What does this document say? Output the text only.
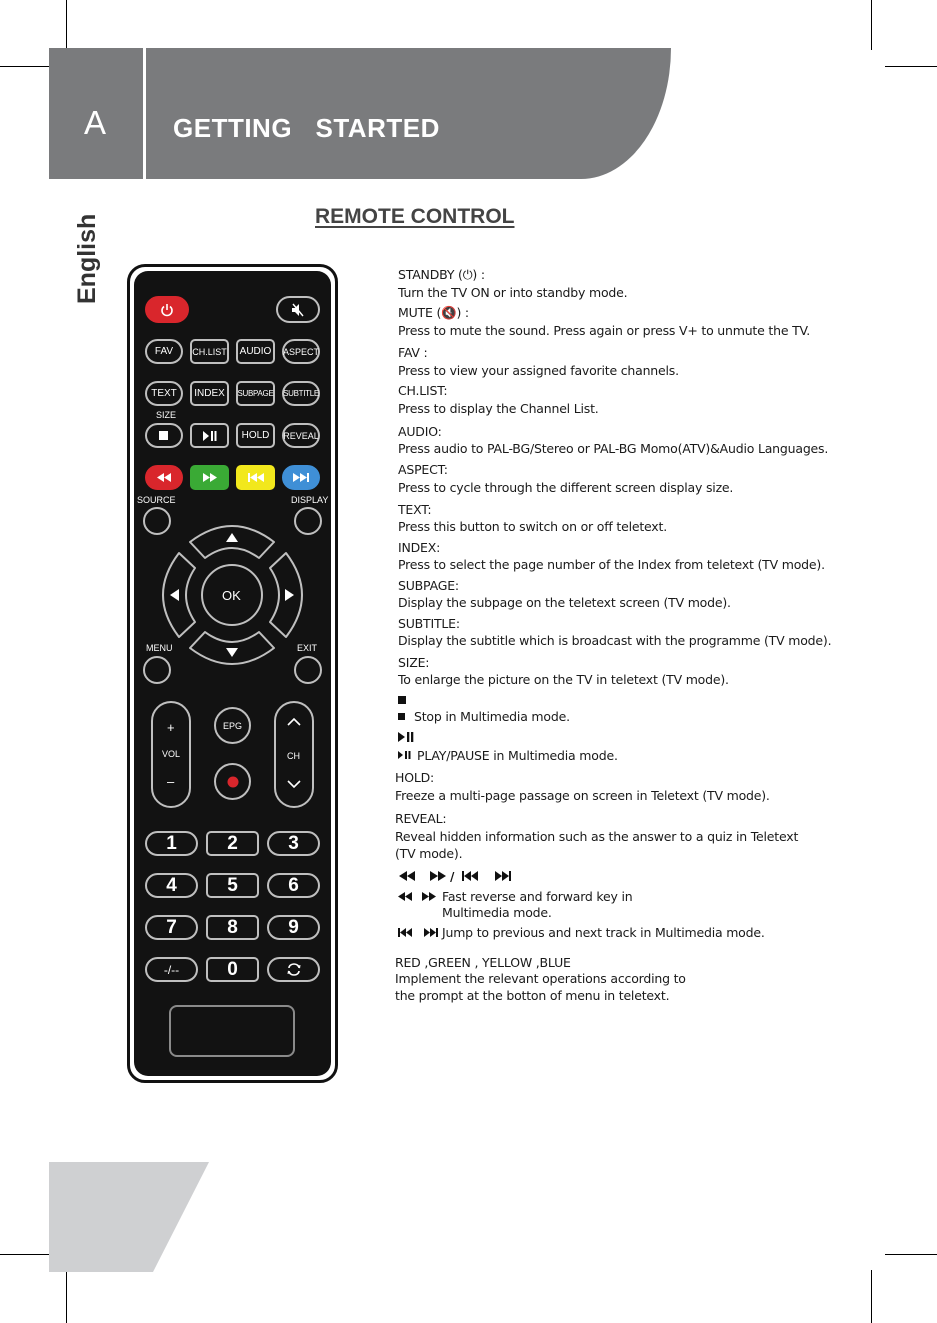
A	GETTING  STARTED
English	REMOTE CONTROL
FAV	CH.LIST	AUDIO	ASPECT
TEXT	INDEX	SUBPAGE SUBTITLE
SIZE
HOLD	REVEAL
SOURCE	DISPLAY
OK
MENU	EXIT
+
VOL
–
EPG
CH
1	2	3
4	5	6
7	8	9
-/--	0
STANDBY (⏻) :
Turn the TV ON or into standby mode.
MUTE (🔇) :
Press to mute the sound. Press again or press V+ to unmute the TV.
FAV :
Press to view your assigned favorite channels.
CH.LIST:
Press to display the Channel List.
AUDIO:
Press audio to PAL-BG/Stereo or PAL-BG Momo(ATV)&Audio Languages.
ASPECT:
Press to cycle through the different screen display size.
TEXT:
Press this button to switch on or off teletext.
INDEX:
Press to select the page number of the Index from teletext (TV mode).
SUBPAGE:
Display the subpage on the teletext screen (TV mode).
SUBTITLE:
Display the subtitle which is broadcast with the programme (TV mode).
SIZE:
To enlarge the picture on the TV in teletext (TV mode).
Stop in Multimedia mode.
PLAY/PAUSE in Multimedia mode.
HOLD:
Freeze a multi-page passage on screen in Teletext (TV mode).
REVEAL:
Reveal hidden information such as the answer to a quiz in Teletext
(TV mode).
/
Fast reverse and forward key in
Multimedia mode.
Jump to previous and next track in Multimedia mode.
RED ,GREEN , YELLOW ,BLUE
Implement the relevant operations according to
the prompt at the botton of menu in teletext.
